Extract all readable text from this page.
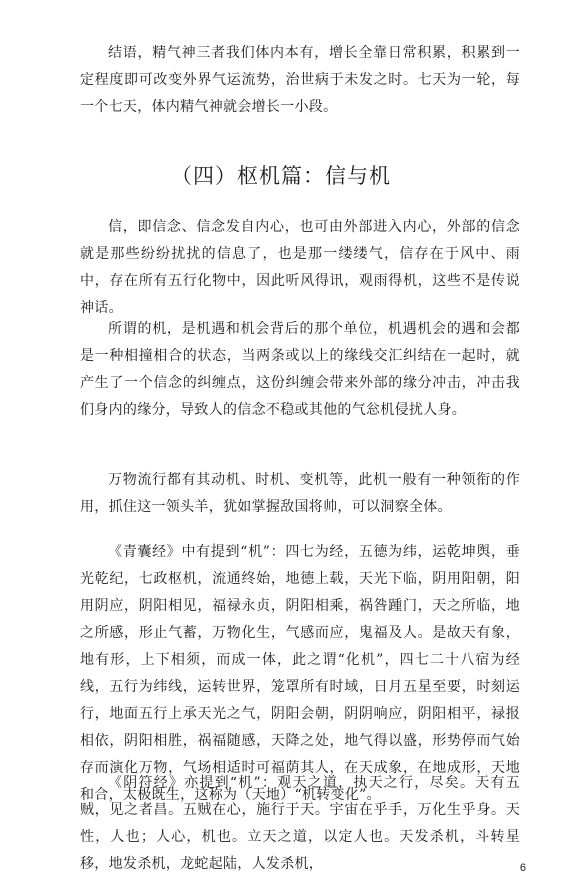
结语，精气神三者我们体内本有，增长全靠日常积累，积累到一定程度即可改变外界气运流势，治世病于未发之时。七天为一轮，每一个七天，体内精气神就会增长一小段。

（四）枢机篇：信与机

信，即信念、信念发自内心，也可由外部进入内心，外部的信念就是那些纷纷扰扰的信息了，也是那一缕缕气，信存在于风中、雨中，存在所有五行化物中，因此听风得讯，观雨得机，这些不是传说神话。

所谓的机，是机遇和机会背后的那个单位，机遇机会的遇和会都是一种相撞相合的状态，当两条或以上的缘线交汇纠结在一起时，就产生了一个信念的纠缠点，这份纠缠会带来外部的缘分冲击，冲击我们身内的缘分，导致人的信念不稳或其他的气忩机侵扰人身。

万物流行都有其动机、时机、变机等，此机一般有一种领衔的作用，抓住这一领头羊，犹如掌握敌国将帅，可以洞察全体。

《青囊经》中有提到“机”：四七为经，五德为纬，运乾坤舆，垂光乾纪，七政枢机，流通终始，地德上载，天光下临，阴用阳朝，阳用阴应，阴阳相见，福禄永贞，阴阳相乘，祸咎踵门，天之所临，地之所感，形止气蓄，万物化生，气感而应，鬼福及人。是故天有象，地有形，上下相须，而成一体，此之谓“化机”，四七二十八宿为经线，五行为纬线，运转世界，笼罩所有时域，日月五星至要，时刻运行，地面五行上承天光之气，阴阳会朝，阴阴响应，阴阳相平，禄报相依，阴阳相胜，祸福随感，天降之处，地气得以盛，形势停而气始存而演化万物，气场相适时可福荫其人，在天成象，在地成形，天地和合，太极既生，这称为（天地）“机转变化”。

《阴符经》亦提到“机”：观天之道，执天之行，尽矣。天有五贼，见之者昌。五贼在心，施行于天。宇宙在乎手，万化生乎身。天性，人也；人心，机也。立天之道，以定人也。天发杀机，斗转星移，地发杀机，龙蛇起陆，人发杀机，	6
